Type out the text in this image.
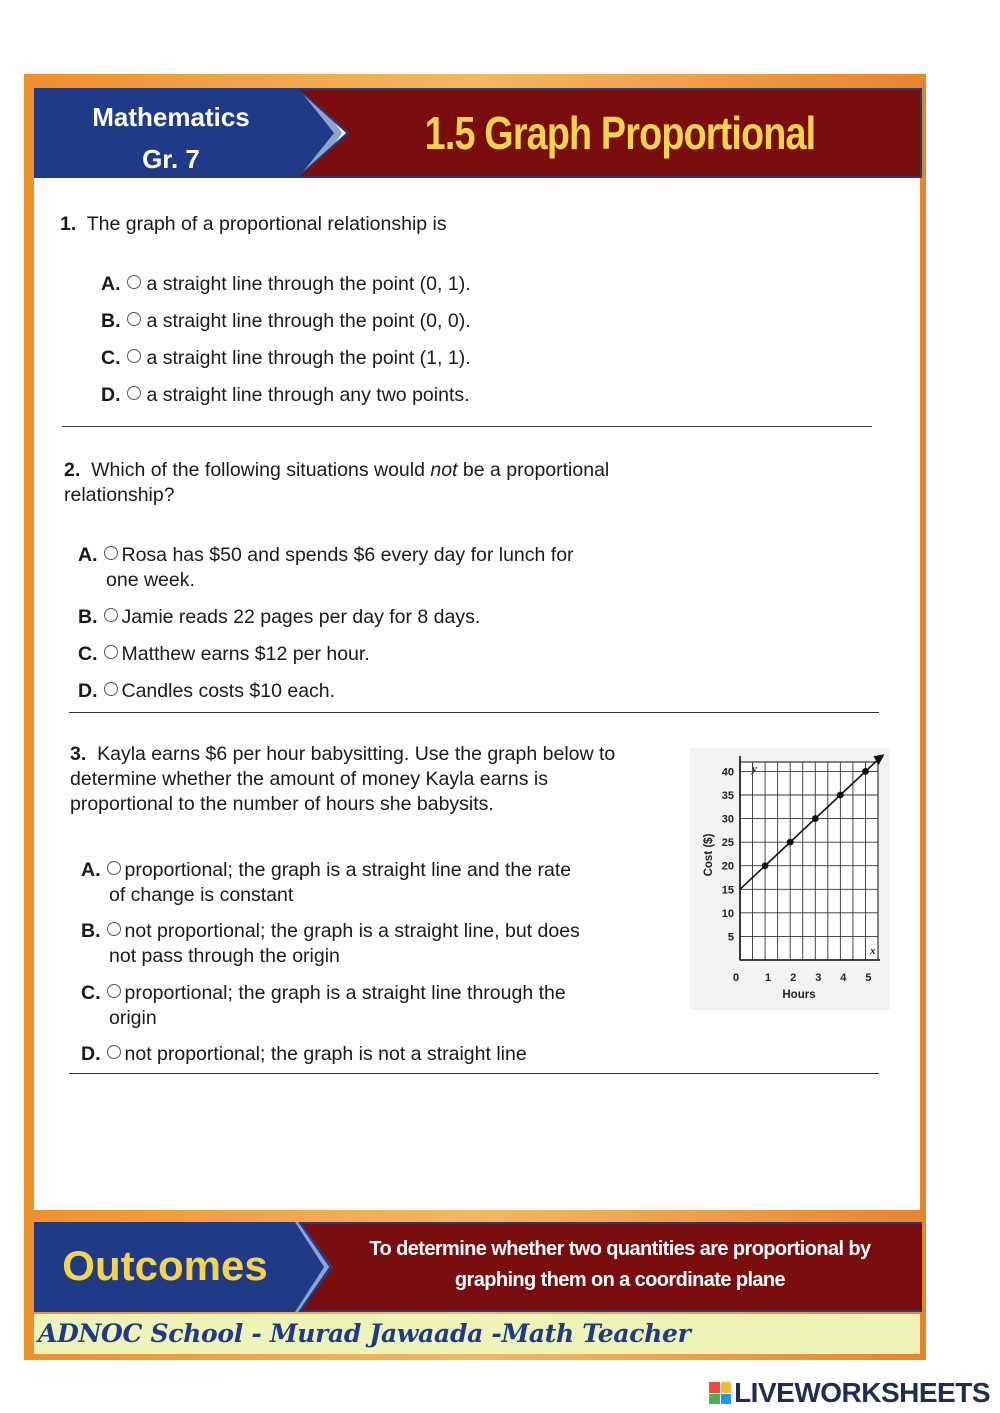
Mathematics
Gr. 7	1.5 Graph Proportional
1. The graph of a proportional relationship is
A. a straight line through the point (0, 1).
B. a straight line through the point (0, 0).
C. a straight line through the point (1, 1).
D. a straight line through any two points.
2. Which of the following situations would not be a proportional
relationship?
A. Rosa has $50 and spends $6 every day for lunch for
one week.
B. Jamie reads 22 pages per day for 8 days.
C. Matthew earns $12 per hour.
D. Candles costs $10 each.
3. Kayla earns $6 per hour babysitting. Use the graph below to
determine whether the amount of money Kayla earns is
proportional to the number of hours she babysits.
A. proportional; the graph is a straight line and the rate
of change is constant
B. not proportional; the graph is a straight line, but does
not pass through the origin
C. proportional; the graph is a straight line through the
origin
D. not proportional; the graph is not a straight line
5
10
15
20
25
30
35
40
0 1 2 3 4 5
y
x
Hours
Cost ($)
Outcomes	To determine whether two quantities are proportional by
graphing them on a coordinate plane
ADNOC School - Murad Jawaada -Math Teacher
LIVEWORKSHEETS
